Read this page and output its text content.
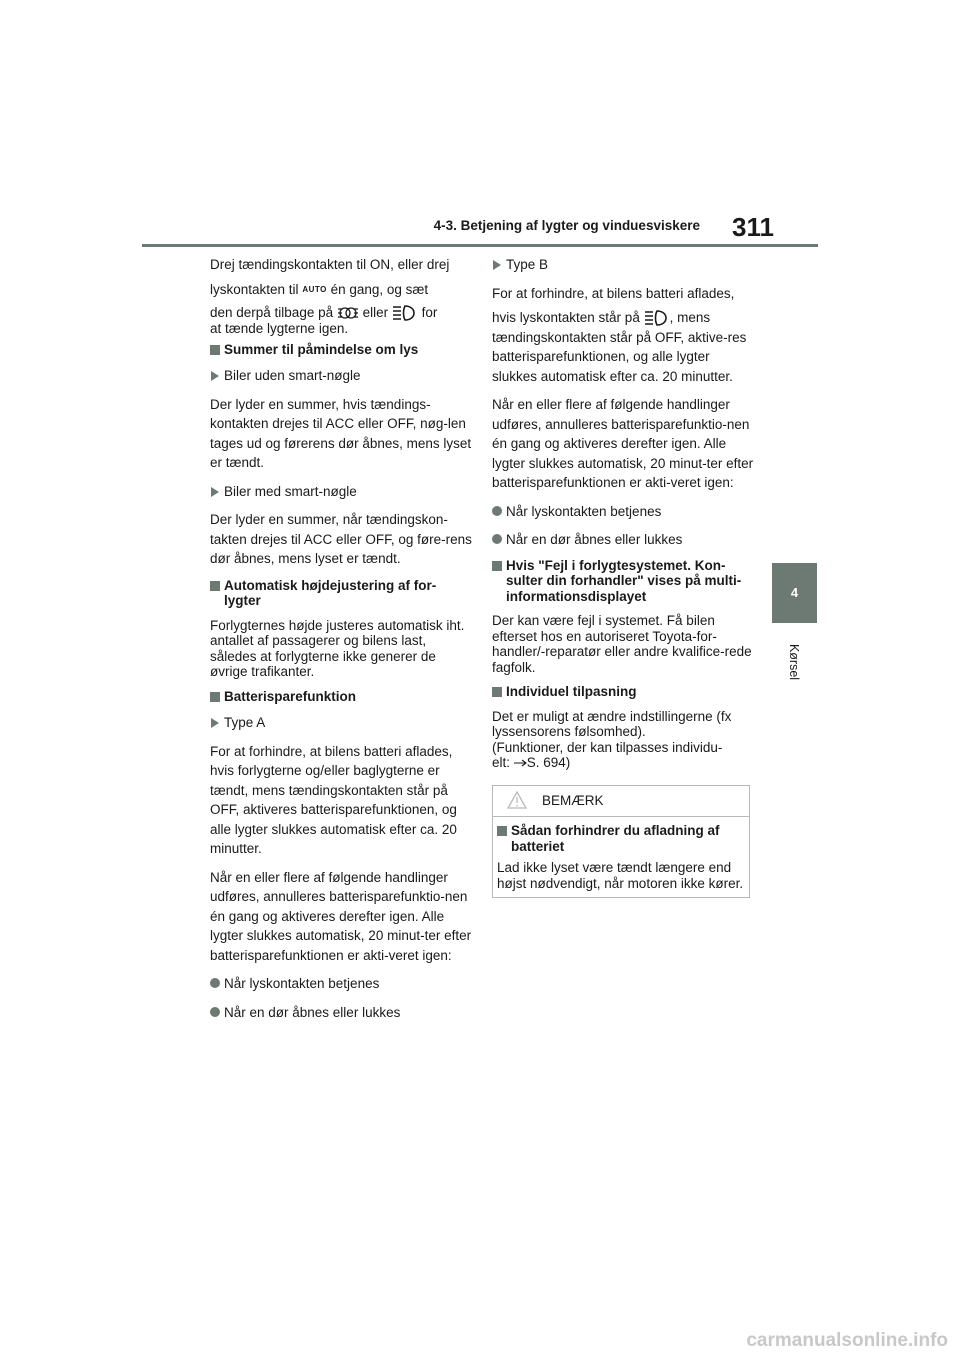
4-3. Betjening af lygter og vinduesviskere 311
4
Kørsel

Drej tændingskontakten til ON, eller drej
lyskontakten til AUTO én gang, og sæt
den derpå tilbage på  eller  for
at tænde lygterne igen.

Summer til påmindelse om lys

Biler uden smart-nøgle

Der lyder en summer, hvis tændings-kontakten drejes til ACC eller OFF, nøg-len tages ud og førerens dør åbnes, mens lyset er tændt.

Biler med smart-nøgle

Der lyder en summer, når tændingskon-takten drejes til ACC eller OFF, og føre-rens dør åbnes, mens lyset er tændt.

Automatisk højdejustering af for-lygter

Forlygternes højde justeres automatisk iht. antallet af passagerer og bilens last, således at forlygterne ikke generer de øvrige trafikanter.

Batterisparefunktion

Type A

For at forhindre, at bilens batteri aflades, hvis forlygterne og/eller baglygterne er tændt, mens tændingskontakten står på OFF, aktiveres batterisparefunktionen, og alle lygter slukkes automatisk efter ca. 20 minutter.

Når en eller flere af følgende handlinger udføres, annulleres batterisparefunktio-nen én gang og aktiveres derefter igen. Alle lygter slukkes automatisk, 20 minut-ter efter batterisparefunktionen er akti-veret igen:

Når lyskontakten betjenes

Når en dør åbnes eller lukkes

Type B

For at forhindre, at bilens batteri aflades,
hvis lyskontakten står på , mens
tændingskontakten står på OFF, aktive-res batterisparefunktionen, og alle lygter slukkes automatisk efter ca. 20 minutter.

Når en eller flere af følgende handlinger udføres, annulleres batterisparefunktio-nen én gang og aktiveres derefter igen. Alle lygter slukkes automatisk, 20 minut-ter efter batterisparefunktionen er akti-veret igen:

Når lyskontakten betjenes

Når en dør åbnes eller lukkes

Hvis "Fejl i forlygtesystemet. Kon-sulter din forhandler" vises på multi-informationsdisplayet

Der kan være fejl i systemet. Få bilen efterset hos en autoriseret Toyota-for-handler/-reparatør eller andre kvalifice-rede fagfolk.

Individuel tilpasning

Det er muligt at ændre indstillingerne (fx lyssensorens følsomhed).

(Funktioner, der kan tilpasses individu-
elt: S. 694)

BEMÆRK

Sådan forhindrer du afladning af batteriet

Lad ikke lyset være tændt længere end højst nødvendigt, når motoren ikke kører.

carmanualsonline.info
